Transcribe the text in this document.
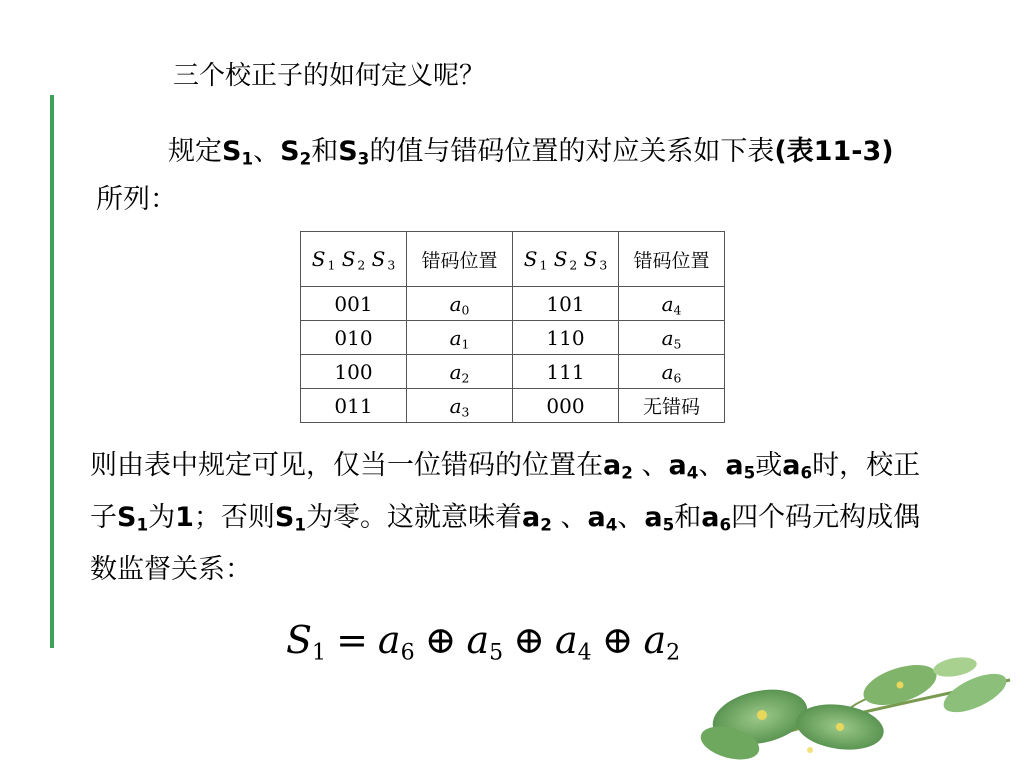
三个校正子的如何定义呢？
规定$S_1$、$S_2$和$S_3$的值与错码位置的对应关系如下表(表11-3)所列：
S $_1$ S $_2$ S $_3$	错码位置	S $_1$ S $_2$ S $_3$	错码位置
001	$a_0$	101	$a_4$
010	$a_1$	110	$a_5$
100	$a_2$	111	$a_6$
011	$a_3$	000	无错码
则由表中规定可见，仅当一位错码的位置在$a_2$ 、$a_4$、$a_5$或$a_6$时，校正子$S_1$为1；否则$S_1$为零。这就意味着$a_2$ 、$a_4$、$a_5$和$a_6$四个码元构成偶数监督关系：
$S_1 = a_6$ ⊕ $a_5$ ⊕ $a_4$ ⊕ $a_2$
